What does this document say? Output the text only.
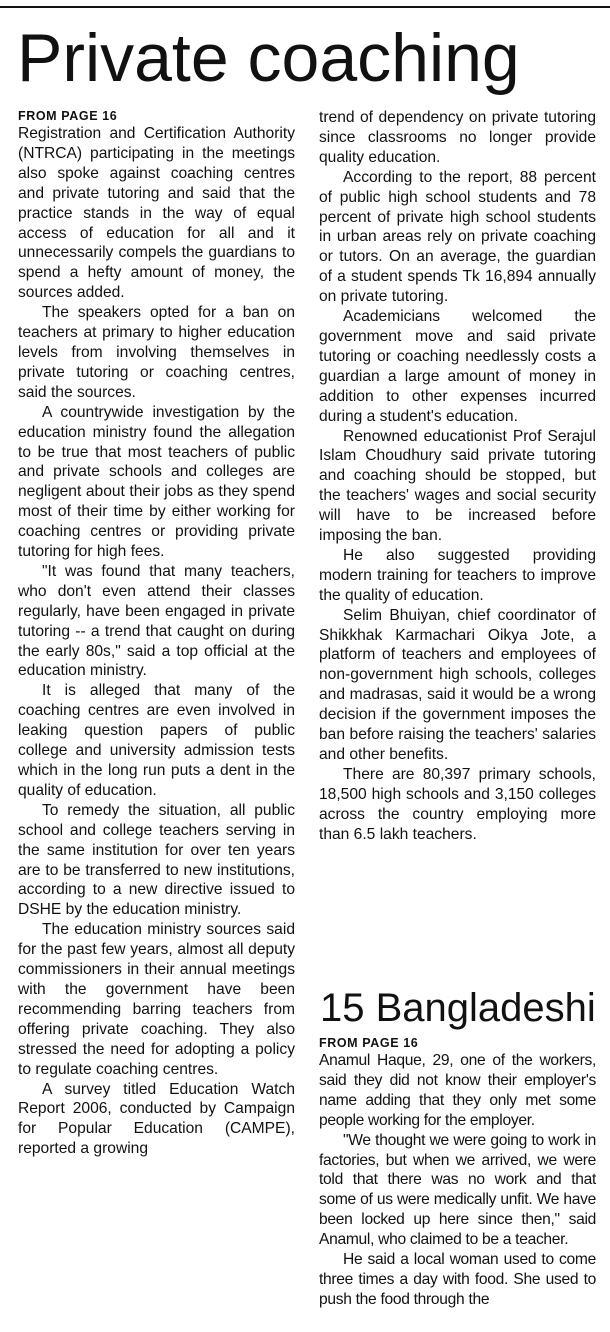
Private coaching
FROM PAGE 16

Registration and Certification Authority (NTRCA) participating in the meetings also spoke against coaching centres and private tutoring and said that the practice stands in the way of equal access of education for all and it unnecessarily compels the guardians to spend a hefty amount of money, the sources added.

The speakers opted for a ban on teachers at primary to higher education levels from involving themselves in private tutoring or coaching centres, said the sources.

A countrywide investigation by the education ministry found the allegation to be true that most teachers of public and private schools and colleges are negligent about their jobs as they spend most of their time by either working for coaching centres or providing private tutoring for high fees.

"It was found that many teachers, who don't even attend their classes regularly, have been engaged in private tutoring -- a trend that caught on during the early 80s," said a top official at the education ministry.

It is alleged that many of the coaching centres are even involved in leaking question papers of public college and university admission tests which in the long run puts a dent in the quality of education.

To remedy the situation, all public school and college teachers serving in the same institution for over ten years are to be transferred to new institutions, according to a new directive issued to DSHE by the education ministry.

The education ministry sources said for the past few years, almost all deputy commissioners in their annual meetings with the government have been recommending barring teachers from offering private coaching. They also stressed the need for adopting a policy to regulate coaching centres.

A survey titled Education Watch Report 2006, conducted by Campaign for Popular Education (CAMPE), reported a growing

trend of dependency on private tutoring since classrooms no longer provide quality education.

According to the report, 88 percent of public high school students and 78 percent of private high school students in urban areas rely on private coaching or tutors. On an average, the guardian of a student spends Tk 16,894 annually on private tutoring.

Academicians welcomed the government move and said private tutoring or coaching needlessly costs a guardian a large amount of money in addition to other expenses incurred during a student's education.

Renowned educationist Prof Serajul Islam Choudhury said private tutoring and coaching should be stopped, but the teachers' wages and social security will have to be increased before imposing the ban.

He also suggested providing modern training for teachers to improve the quality of education.

Selim Bhuiyan, chief coordinator of Shikkhak Karmachari Oikya Jote, a platform of teachers and employees of non-government high schools, colleges and madrasas, said it would be a wrong decision if the government imposes the ban before raising the teachers' salaries and other benefits.

There are 80,397 primary schools, 18,500 high schools and 3,150 colleges across the country employing more than 6.5 lakh teachers.

15 Bangladeshi
FROM PAGE 16

Anamul Haque, 29, one of the workers, said they did not know their employer's name adding that they only met some people working for the employer.

"We thought we were going to work in factories, but when we arrived, we were told that there was no work and that some of us were medically unfit. We have been locked up here since then," said Anamul, who claimed to be a teacher.

He said a local woman used to come three times a day with food. She used to push the food through the
